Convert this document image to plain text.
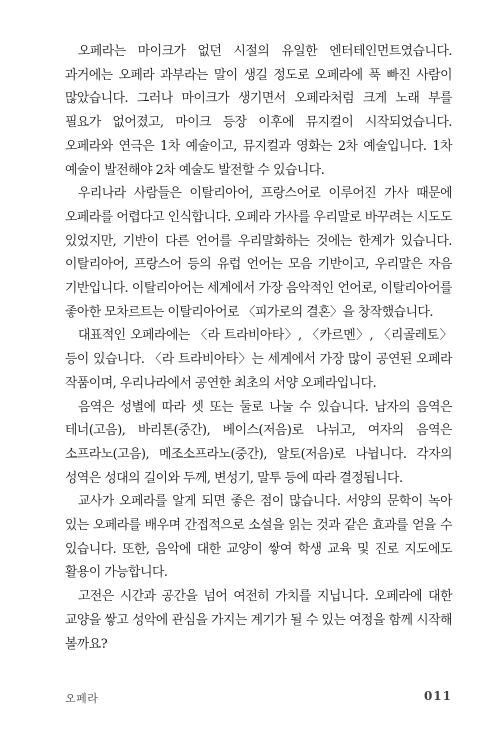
오페라는 마이크가 없던 시절의 유일한 엔터테인먼트였습니다. 과거에는 오페라 과부라는 말이 생길 정도로 오페라에 푹 빠진 사람이 많았습니다. 그러나 마이크가 생기면서 오페라처럼 크게 노래 부를 필요가 없어졌고, 마이크 등장 이후에 뮤지컬이 시작되었습니다. 오페라와 연극은 1차 예술이고, 뮤지컬과 영화는 2차 예술입니다. 1차 예술이 발전해야 2차 예술도 발전할 수 있습니다.

우리나라 사람들은 이탈리아어, 프랑스어로 이루어진 가사 때문에 오페라를 어렵다고 인식합니다. 오페라 가사를 우리말로 바꾸려는 시도도 있었지만, 기반이 다른 언어를 우리말화하는 것에는 한계가 있습니다. 이탈리아어, 프랑스어 등의 유럽 언어는 모음 기반이고, 우리말은 자음 기반입니다. 이탈리아어는 세계에서 가장 음악적인 언어로, 이탈리아어를 좋아한 모차르트는 이탈리아어로 〈피가로의 결혼〉을 창작했습니다.

대표적인 오페라에는 〈라 트라비아타〉, 〈카르멘〉, 〈리골레토〉 등이 있습니다. 〈라 트라비아타〉는 세계에서 가장 많이 공연된 오페라 작품이며, 우리나라에서 공연한 최초의 서양 오페라입니다.

음역은 성별에 따라 셋 또는 둘로 나눌 수 있습니다. 남자의 음역은 테너(고음), 바리톤(중간), 베이스(저음)로 나뉘고, 여자의 음역은 소프라노(고음), 메조소프라노(중간), 알토(저음)로 나뉩니다. 각자의 성역은 성대의 길이와 두께, 변성기, 말투 등에 따라 결정됩니다.

교사가 오페라를 알게 되면 좋은 점이 많습니다. 서양의 문학이 녹아 있는 오페라를 배우며 간접적으로 소설을 읽는 것과 같은 효과를 얻을 수 있습니다. 또한, 음악에 대한 교양이 쌓여 학생 교육 및 진로 지도에도 활용이 가능합니다.

고전은 시간과 공간을 넘어 여전히 가치를 지닙니다. 오페라에 대한 교양을 쌓고 성악에 관심을 가지는 계기가 될 수 있는 여정을 함께 시작해 볼까요?

오페라	011
